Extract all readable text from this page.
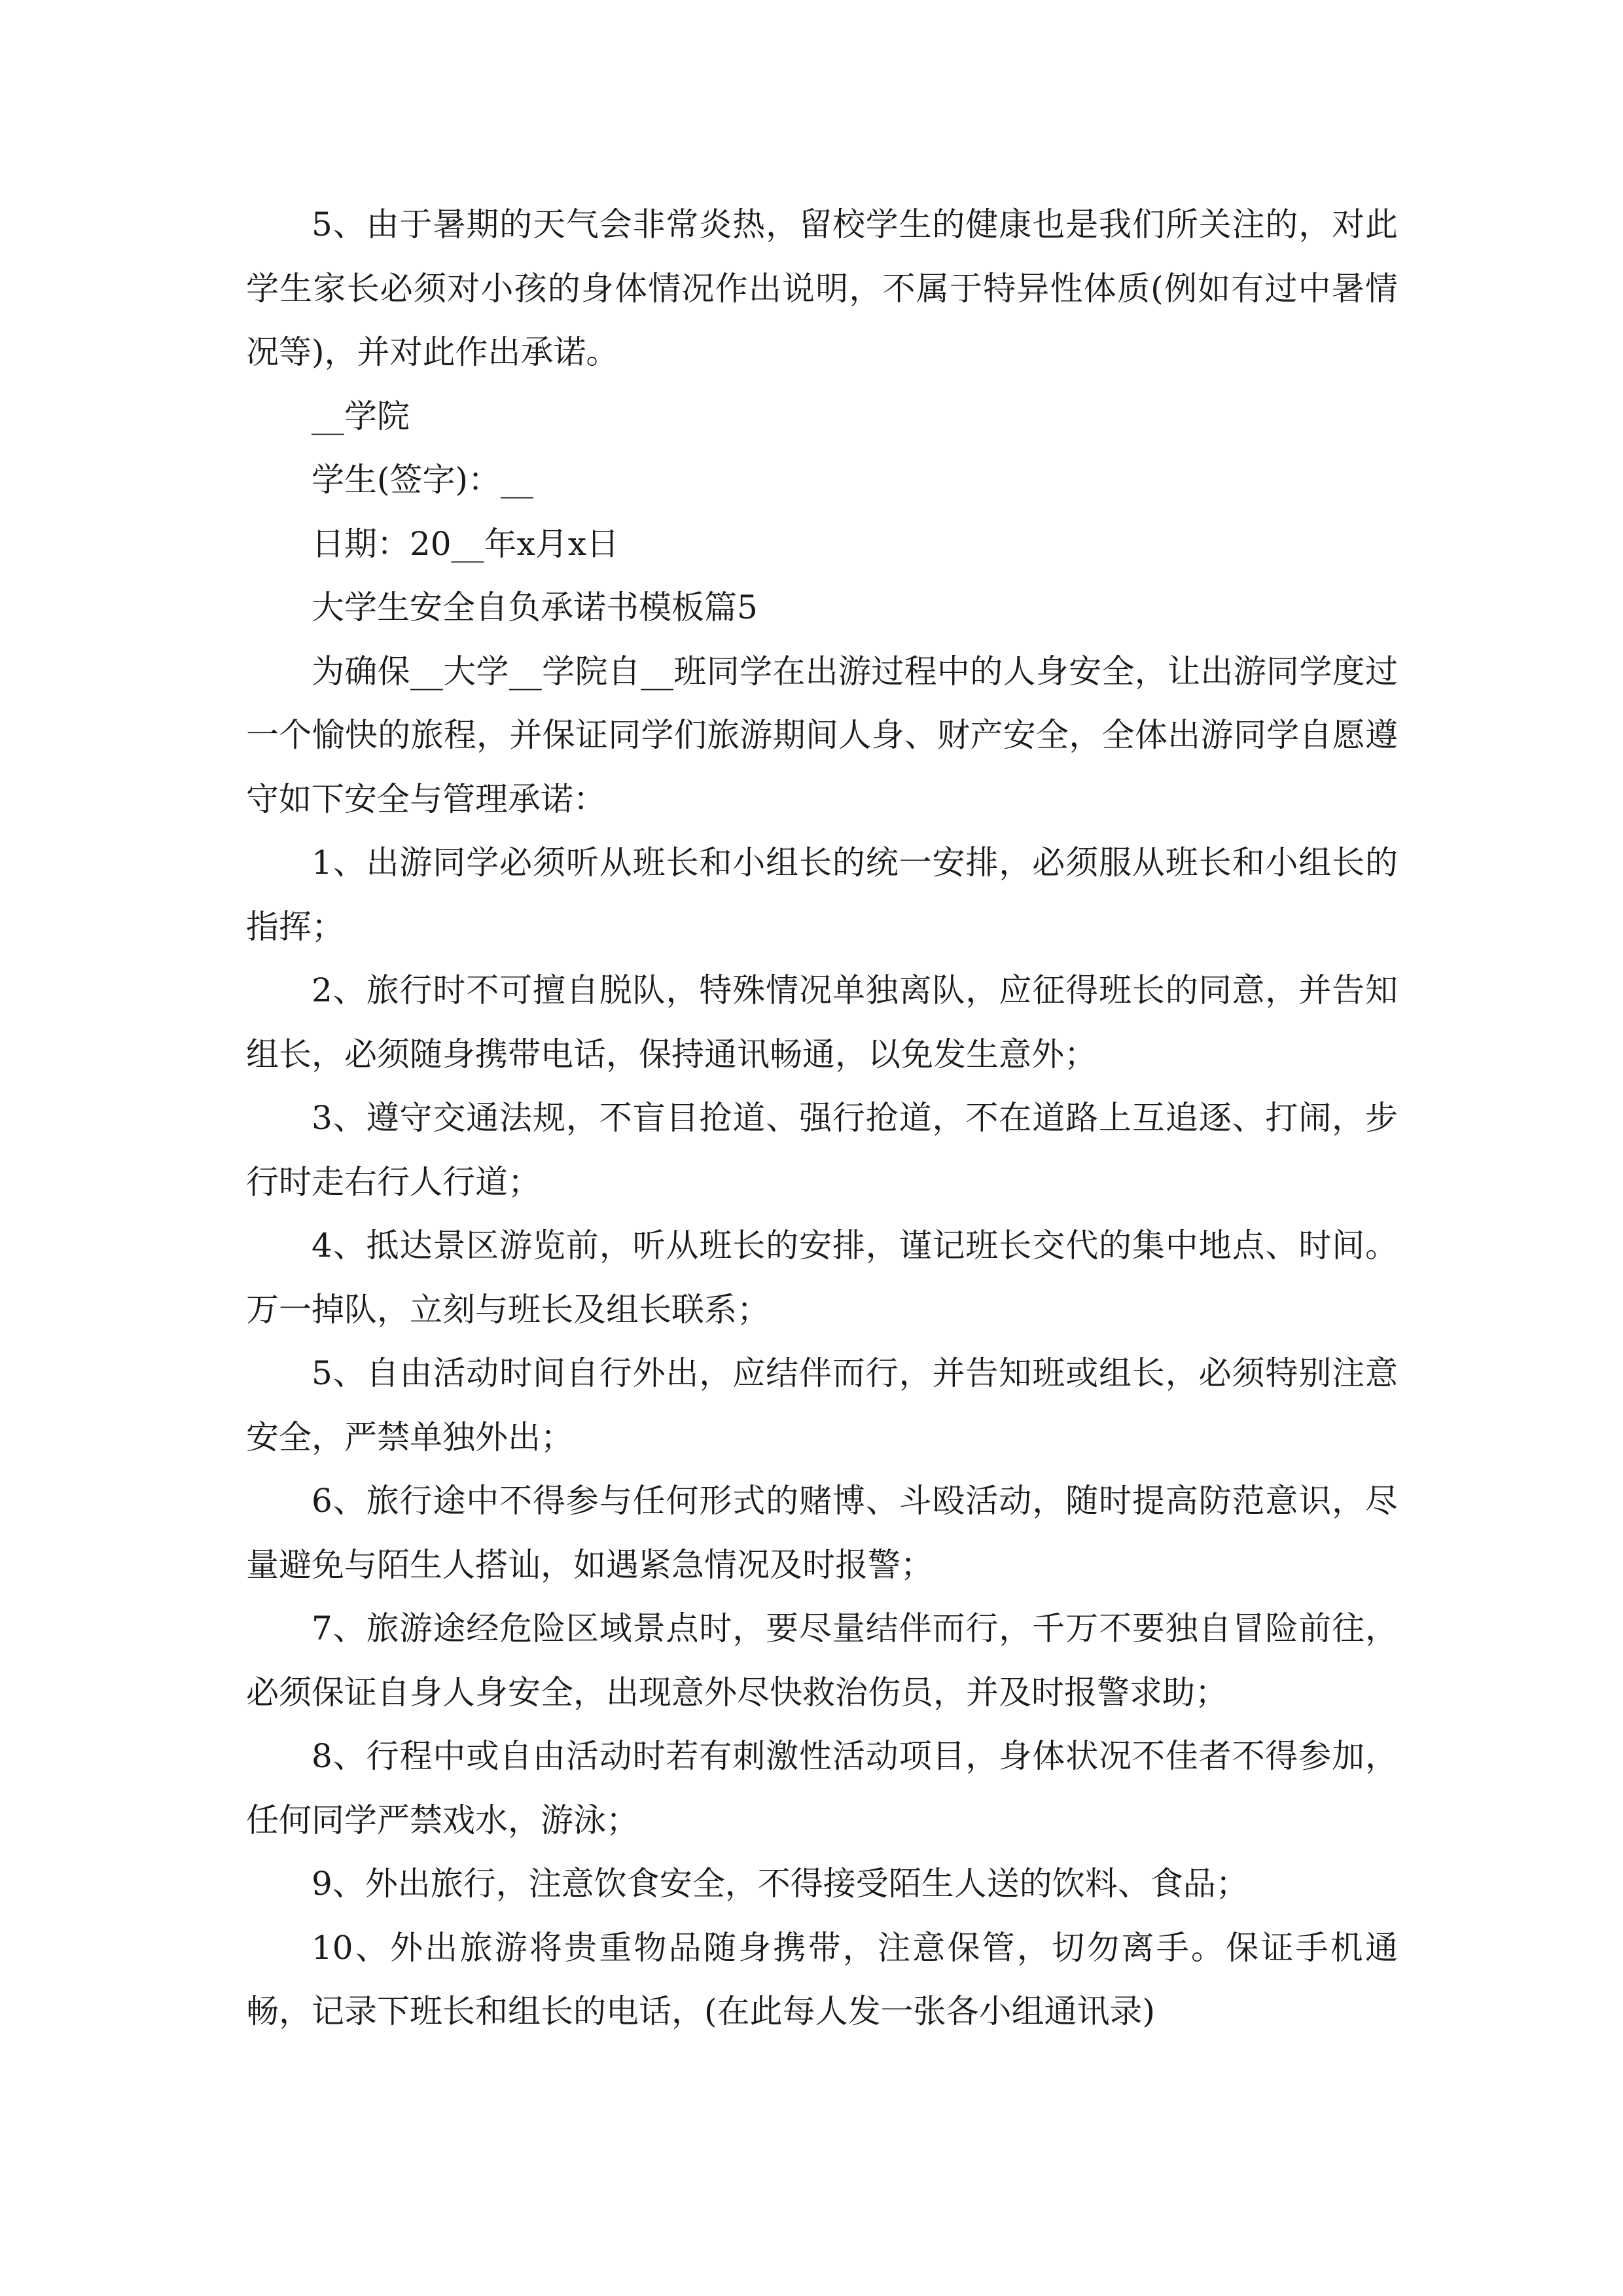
5、由于暑期的天气会非常炎热，留校学生的健康也是我们所关注的，对此学生家长必须对小孩的身体情况作出说明，不属于特异性体质(例如有过中暑情况等)，并对此作出承诺。

__学院

学生(签字)：__

日期：20__年x月x日

大学生安全自负承诺书模板篇5

为确保__大学__学院自__班同学在出游过程中的人身安全，让出游同学度过一个愉快的旅程，并保证同学们旅游期间人身、财产安全，全体出游同学自愿遵守如下安全与管理承诺：

1、出游同学必须听从班长和小组长的统一安排，必须服从班长和小组长的指挥；

2、旅行时不可擅自脱队，特殊情况单独离队，应征得班长的同意，并告知组长，必须随身携带电话，保持通讯畅通，以免发生意外；

3、遵守交通法规，不盲目抢道、强行抢道，不在道路上互追逐、打闹，步行时走右行人行道；

4、抵达景区游览前，听从班长的安排，谨记班长交代的集中地点、时间。万一掉队，立刻与班长及组长联系；

5、自由活动时间自行外出，应结伴而行，并告知班或组长，必须特别注意安全，严禁单独外出；

6、旅行途中不得参与任何形式的赌博、斗殴活动，随时提高防范意识，尽量避免与陌生人搭讪，如遇紧急情况及时报警；

7、旅游途经危险区域景点时，要尽量结伴而行，千万不要独自冒险前往，必须保证自身人身安全，出现意外尽快救治伤员，并及时报警求助；

8、行程中或自由活动时若有刺激性活动项目，身体状况不佳者不得参加，任何同学严禁戏水，游泳；

9、外出旅行，注意饮食安全，不得接受陌生人送的饮料、食品；

10、外出旅游将贵重物品随身携带，注意保管，切勿离手。保证手机通畅，记录下班长和组长的电话，(在此每人发一张各小组通讯录)
